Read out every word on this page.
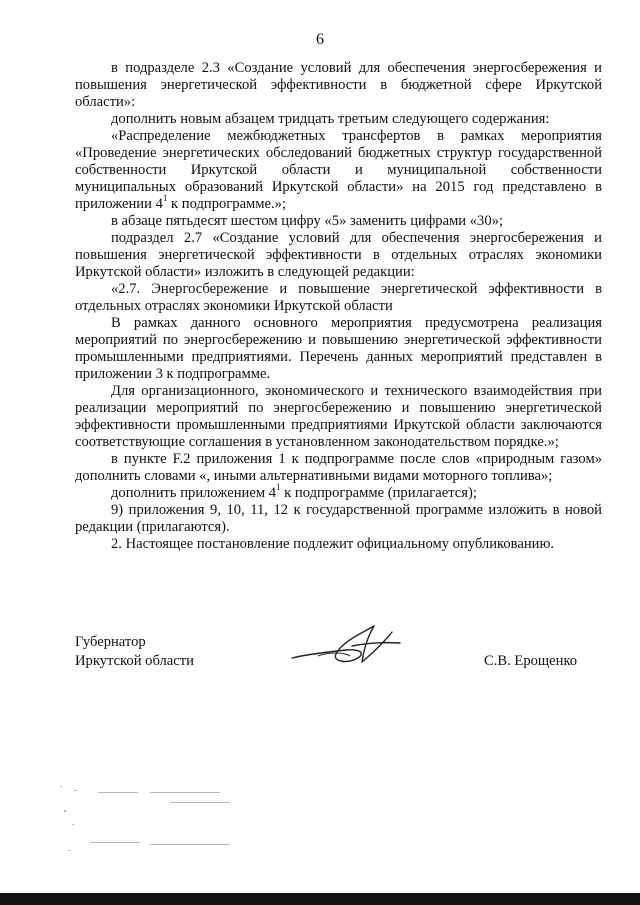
6

в подразделе 2.3 «Создание условий для обеспечения энергосбережения и повышения энергетической эффективности в бюджетной сфере Иркутской области»:

дополнить новым абзацем тридцать третьим следующего содержания:

«Распределение межбюджетных трансфертов в рамках мероприятия «Проведение энергетических обследований бюджетных структур государственной собственности Иркутской области и муниципальной собственности муниципальных образований Иркутской области» на 2015 год представлено в приложении $4^1$ к подпрограмме.»;

в абзаце пятьдесят шестом цифру «5» заменить цифрами «30»;

подраздел 2.7 «Создание условий для обеспечения энергосбережения и повышения энергетической эффективности в отдельных отраслях экономики Иркутской области» изложить в следующей редакции:

«2.7. Энергосбережение и повышение энергетической эффективности в отдельных отраслях экономики Иркутской области

В рамках данного основного мероприятия предусмотрена реализация мероприятий по энергосбережению и повышению энергетической эффективности промышленными предприятиями. Перечень данных мероприятий представлен в приложении 3 к подпрограмме.

Для организационного, экономического и технического взаимодействия при реализации мероприятий по энергосбережению и повышению энергетической эффективности промышленными предприятиями Иркутской области заключаются соответствующие соглашения в установленном законодательством порядке.»;

в пункте F.2 приложения 1 к подпрограмме после слов «природным газом» дополнить словами «, иными альтернативными видами моторного топлива»;

дополнить приложением $4^1$ к подпрограмме (прилагается);

9) приложения 9, 10, 11, 12 к государственной программе изложить в новой редакции (прилагаются).

2. Настоящее постановление подлежит официальному опубликованию.

Губернатор
Иркутской области	С.В. Ерощенко
